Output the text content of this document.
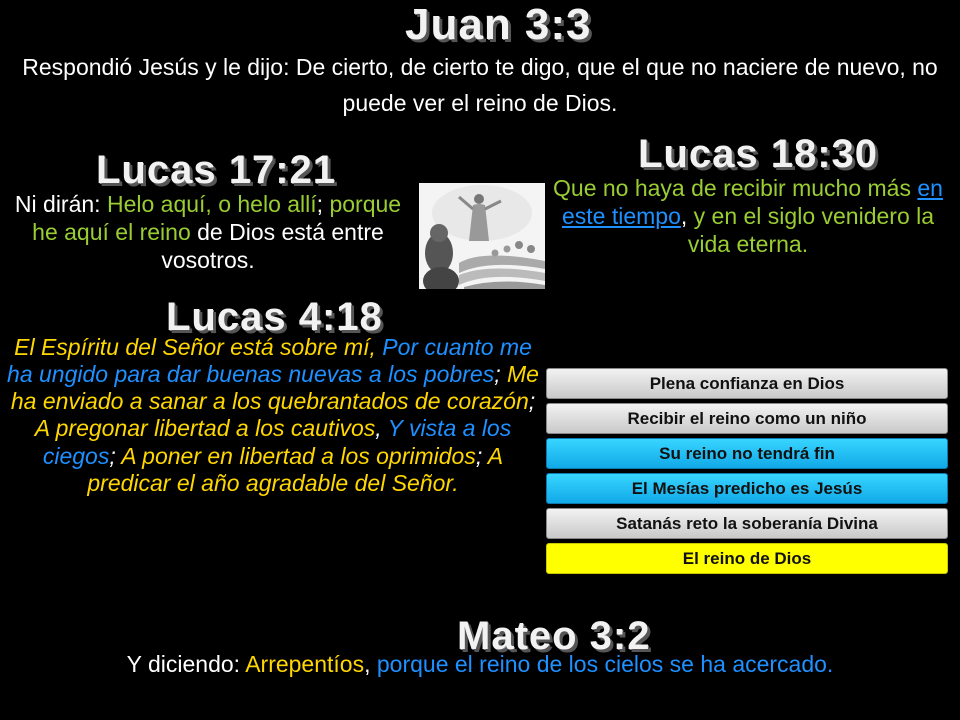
Juan 3:3
Respondió Jesús y le dijo: De cierto, de cierto te digo, que el que no naciere de nuevo, no puede ver el reino de Dios.
Lucas 17:21
Ni dirán: Helo aquí, o helo allí; porque he aquí el reino de Dios está entre vosotros.
Lucas 18:30
Que no haya de recibir mucho más en este tiempo, y en el siglo venidero la vida eterna.
Lucas 4:18
El Espíritu del Señor está sobre mí, Por cuanto me ha ungido para dar buenas nuevas a los pobres; Me ha enviado a sanar a los quebrantados de corazón; A pregonar libertad a los cautivos, Y vista a los ciegos; A poner en libertad a los oprimidos; A predicar el año agradable del Señor.
Plena confianza en Dios
Recibir el reino como un niño
Su reino no tendrá fin
El Mesías predicho es Jesús
Satanás reto la soberanía Divina
El reino de Dios
Mateo 3:2
Y diciendo: Arrepentíos, porque el reino de los cielos se ha acercado.
